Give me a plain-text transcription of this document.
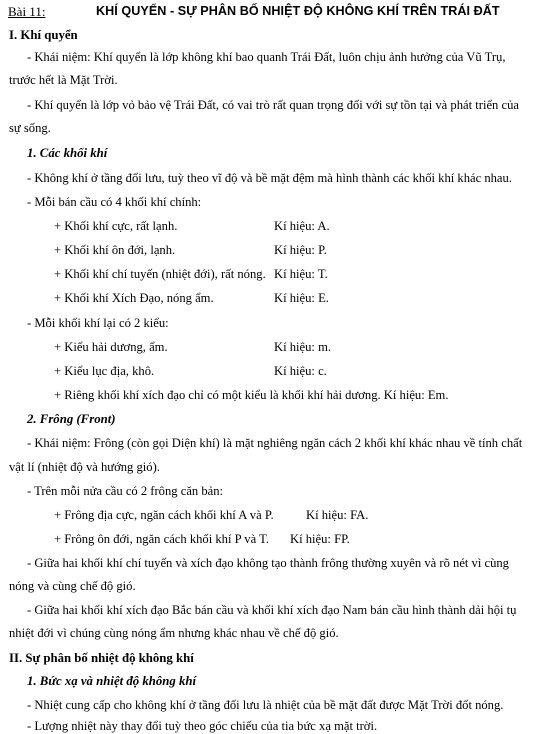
Bài 11:	KHÍ QUYỂN - SỰ PHÂN BỐ NHIỆT ĐỘ KHÔNG KHÍ TRÊN TRÁI ĐẤT
I. Khí quyển
- Khái niệm: Khí quyển là lớp không khí bao quanh Trái Đất, luôn chịu ảnh hưởng của Vũ Trụ,
trước hết là Mặt Trời.
- Khí quyển là lớp vỏ bảo vệ Trái Đất, có vai trò rất quan trọng đối với sự tồn tại và phát triển của
sự sống.
1. Các khối khí
- Không khí ở tầng đối lưu, tuỳ theo vĩ độ và bề mặt đệm mà hình thành các khối khí khác nhau.
- Mỗi bán cầu có 4 khối khí chính:
+ Khối khí cực, rất lạnh.	Kí hiệu: A.
+ Khối khí ôn đới, lạnh.	Kí hiệu: P.
+ Khối khí chí tuyến (nhiệt đới), rất nóng. Kí hiệu: T.
+ Khối khí Xích Đạo, nóng ẩm.	Kí hiệu: E.
- Mỗi khối khí lại có 2 kiểu:
+ Kiểu hải dương, ẩm.	Kí hiệu: m.
+ Kiểu lục địa, khô.	Kí hiệu: c.
+ Riêng khối khí xích đạo chỉ có một kiểu là khối khí hải dương. Kí hiệu: Em.
2. Frông (Front)
- Khái niệm: Frông (còn gọi Diện khí) là mặt nghiêng ngăn cách 2 khối khí khác nhau về tính chất
vật lí (nhiệt độ và hướng gió).
- Trên mỗi nửa cầu có 2 frông căn bản:
+ Frông địa cực, ngăn cách khối khí A và P.	Kí hiệu: FA.
+ Frông ôn đới, ngăn cách khối khí P và T. Kí hiệu: FP.
- Giữa hai khối khí chí tuyến và xích đạo không tạo thành frông thường xuyên và rõ nét vì cùng
nóng và cùng chế độ gió.
- Giữa hai khối khí xích đạo Bắc bán cầu và khối khí xích đạo Nam bán cầu hình thành dải hội tụ
nhiệt đới vì chúng cùng nóng ẩm nhưng khác nhau về chế độ gió.
II. Sự phân bố nhiệt độ không khí
1. Bức xạ và nhiệt độ không khí
- Nhiệt cung cấp cho không khí ở tầng đối lưu là nhiệt của bề mặt đất được Mặt Trời đốt nóng.
- Lượng nhiệt này thay đổi tuỳ theo góc chiếu của tia bức xạ mặt trời.
